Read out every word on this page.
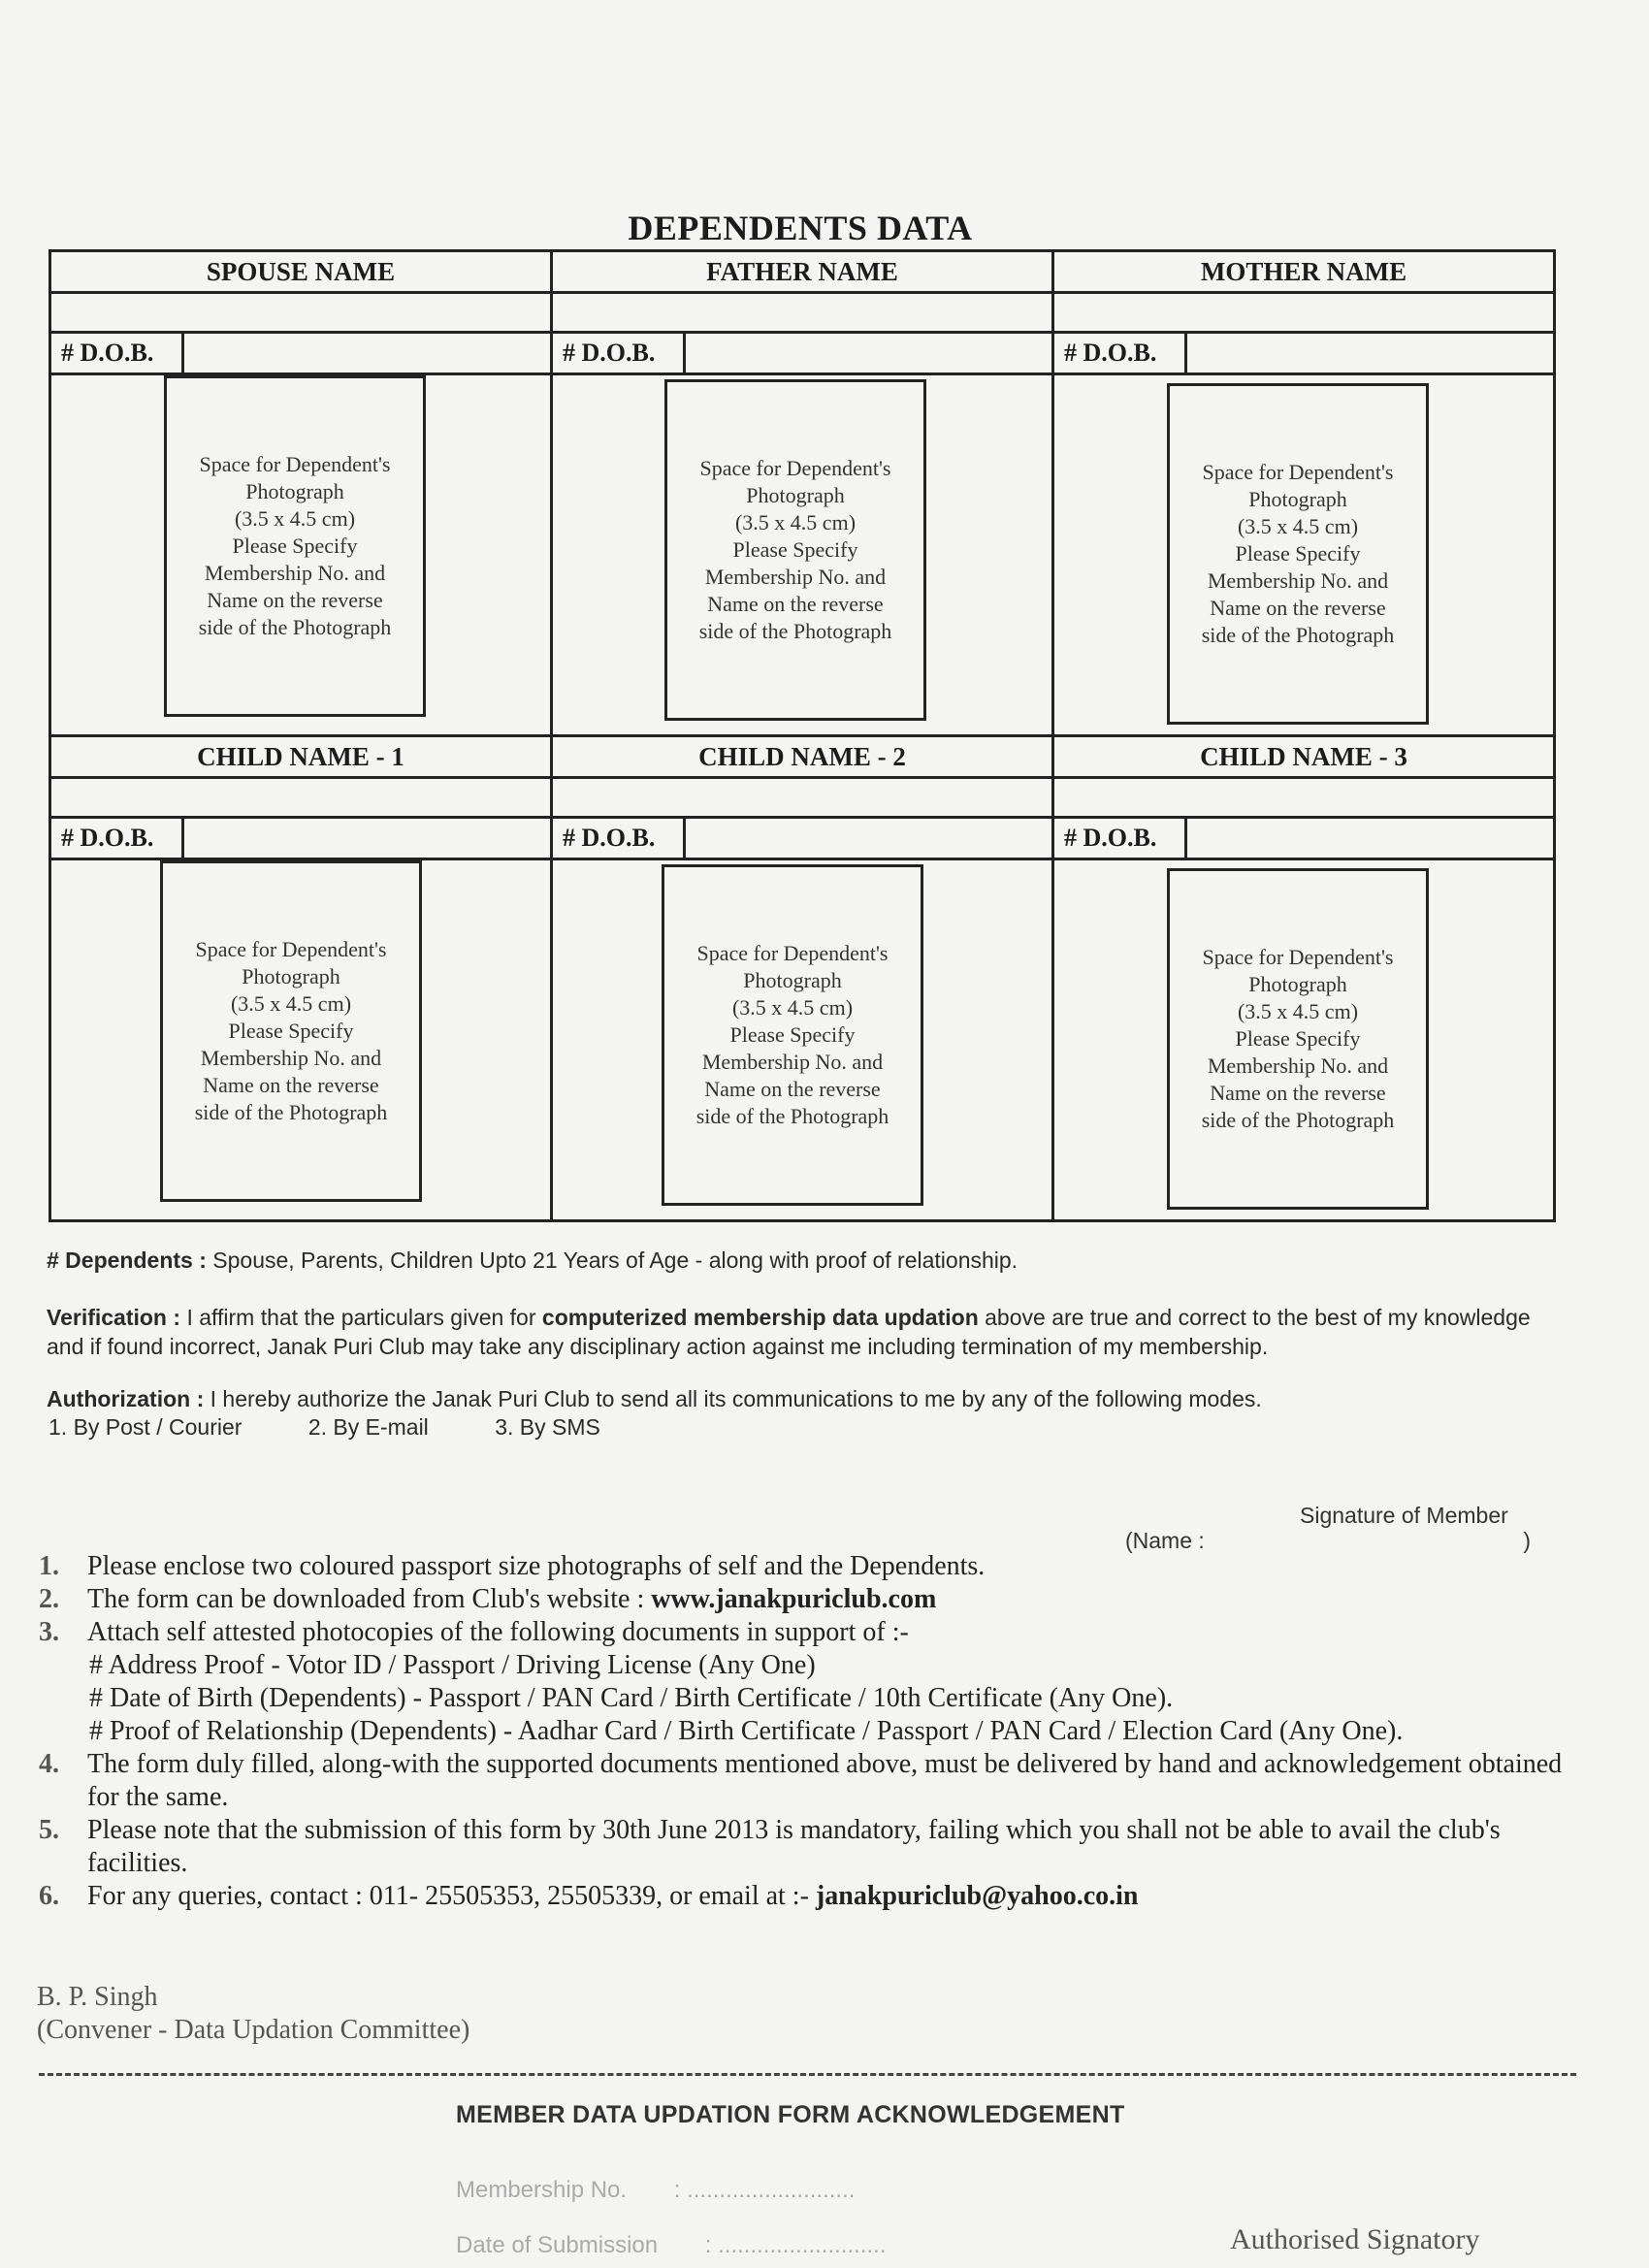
DEPENDENTS DATA
SPOUSE NAME
# D.O.B.
Space for Dependent's
Photograph
(3.5 x 4.5 cm)
Please Specify
Membership No. and
Name on the reverse
side of the Photograph
FATHER NAME
# D.O.B.
Space for Dependent's
Photograph
(3.5 x 4.5 cm)
Please Specify
Membership No. and
Name on the reverse
side of the Photograph
MOTHER NAME
# D.O.B.
Space for Dependent's
Photograph
(3.5 x 4.5 cm)
Please Specify
Membership No. and
Name on the reverse
side of the Photograph
CHILD NAME - 1
# D.O.B.
Space for Dependent's
Photograph
(3.5 x 4.5 cm)
Please Specify
Membership No. and
Name on the reverse
side of the Photograph
CHILD NAME - 2
# D.O.B.
Space for Dependent's
Photograph
(3.5 x 4.5 cm)
Please Specify
Membership No. and
Name on the reverse
side of the Photograph
CHILD NAME - 3
# D.O.B.
Space for Dependent's
Photograph
(3.5 x 4.5 cm)
Please Specify
Membership No. and
Name on the reverse
side of the Photograph
# Dependents : Spouse, Parents, Children Upto 21 Years of Age - along with proof of relationship.
Verification : I affirm that the particulars given for computerized membership data updation above are true and correct to the best of my knowledge and if found incorrect, Janak Puri Club may take any disciplinary action against me including termination of my membership.
Authorization : I hereby authorize the Janak Puri Club to send all its communications to me by any of the following modes.
1. By Post / Courier	2. By E-mail	3. By SMS
Signature of Member
(Name :	)
1.	Please enclose two coloured passport size photographs of self and the Dependents.
2.	The form can be downloaded from Club's website : www.janakpuriclub.com
3.	Attach self attested photocopies of the following documents in support of :-
# Address Proof - Votor ID / Passport / Driving License (Any One)
# Date of Birth (Dependents) - Passport / PAN Card / Birth Certificate / 10th Certificate (Any One).
# Proof of Relationship (Dependents) - Aadhar Card / Birth Certificate / Passport / PAN Card / Election Card (Any One).
4.	The form duly filled, along-with the supported documents mentioned above, must be delivered by hand and acknowledgement obtained for the same.
5.	Please note that the submission of this form by 30th June 2013 is mandatory, failing which you shall not be able to avail the club's facilities.
6.	For any queries, contact : 011- 25505353, 25505339, or email at :- janakpuriclub@yahoo.co.in
B. P. Singh
(Convener - Data Updation Committee)
MEMBER DATA UPDATION FORM ACKNOWLEDGEMENT
Membership No. : ..........................
Date of Submission : ..........................	Authorised Signatory
